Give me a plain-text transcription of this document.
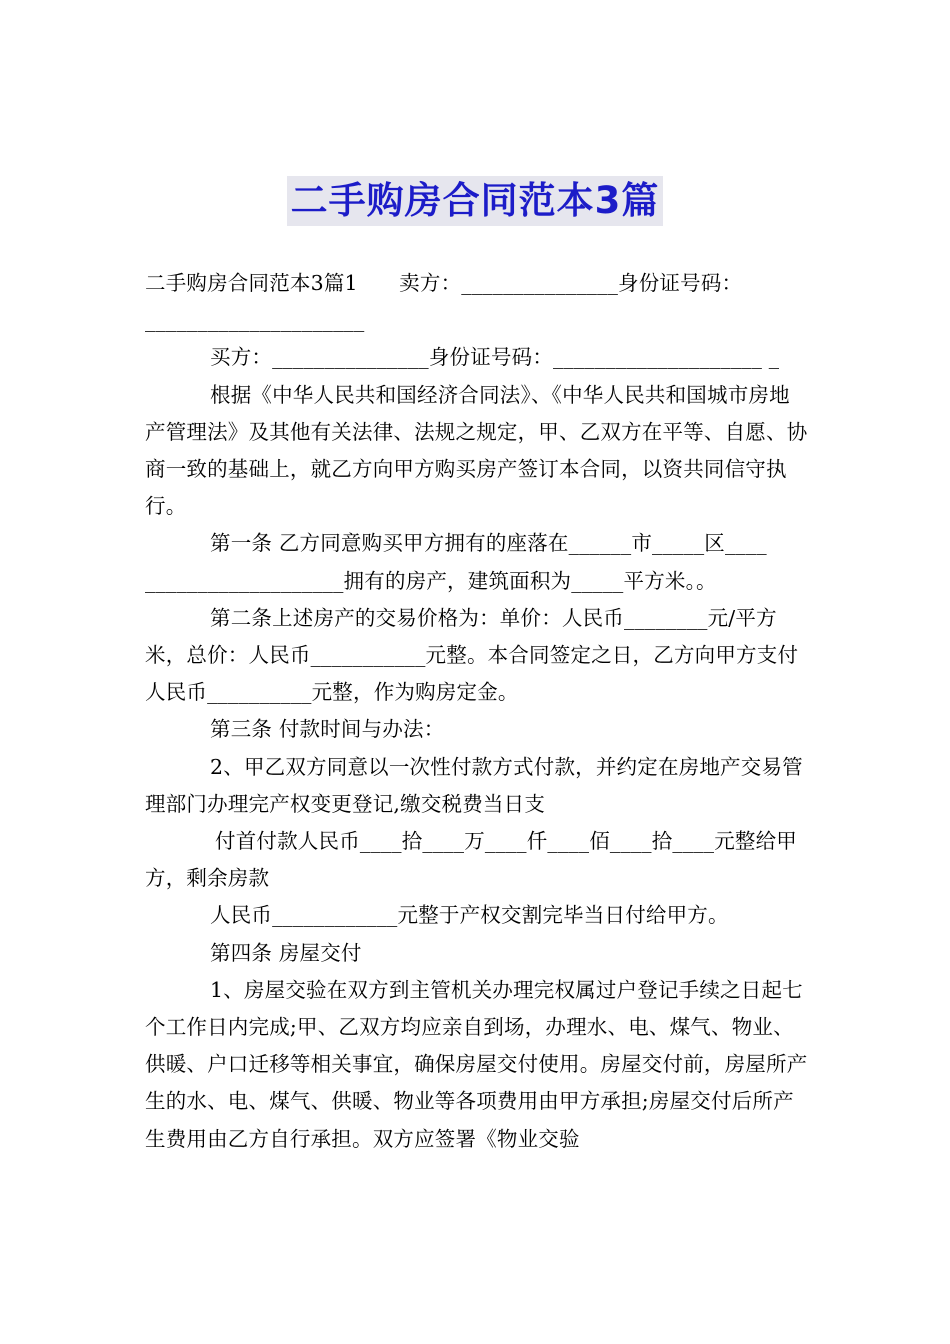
二手购房合同范本3篇

二手购房合同范本3篇1　　卖方：_______________身份证号码：_____________________

买方：_______________身份证号码：____________________ _

根据《中华人民共和国经济合同法》、《中华人民共和国城市房地产管理法》及其他有关法律、法规之规定，甲、乙双方在平等、自愿、协商一致的基础上，就乙方向甲方购买房产签订本合同，以资共同信守执行。

第一条 乙方同意购买甲方拥有的座落在______市_____区____ ___________________拥有的房产，建筑面积为_____平方米。。

第二条上述房产的交易价格为：单价：人民币________元/平方米，总价：人民币___________元整。本合同签定之日，乙方向甲方支付人民币__________元整，作为购房定金。

第三条 付款时间与办法：

2、甲乙双方同意以一次性付款方式付款，并约定在房地产交易管理部门办理完产权变更登记,缴交税费当日支

付首付款人民币____拾____万____仟____佰____拾____元整给甲方，剩余房款

人民币____________元整于产权交割完毕当日付给甲方。

第四条 房屋交付

1、房屋交验在双方到主管机关办理完权属过户登记手续之日起七个工作日内完成;甲、乙双方均应亲自到场，办理水、电、煤气、物业、供暖、户口迁移等相关事宜，确保房屋交付使用。房屋交付前，房屋所产生的水、电、煤气、供暖、物业等各项费用由甲方承担;房屋交付后所产生费用由乙方自行承担。双方应签署《物业交验
